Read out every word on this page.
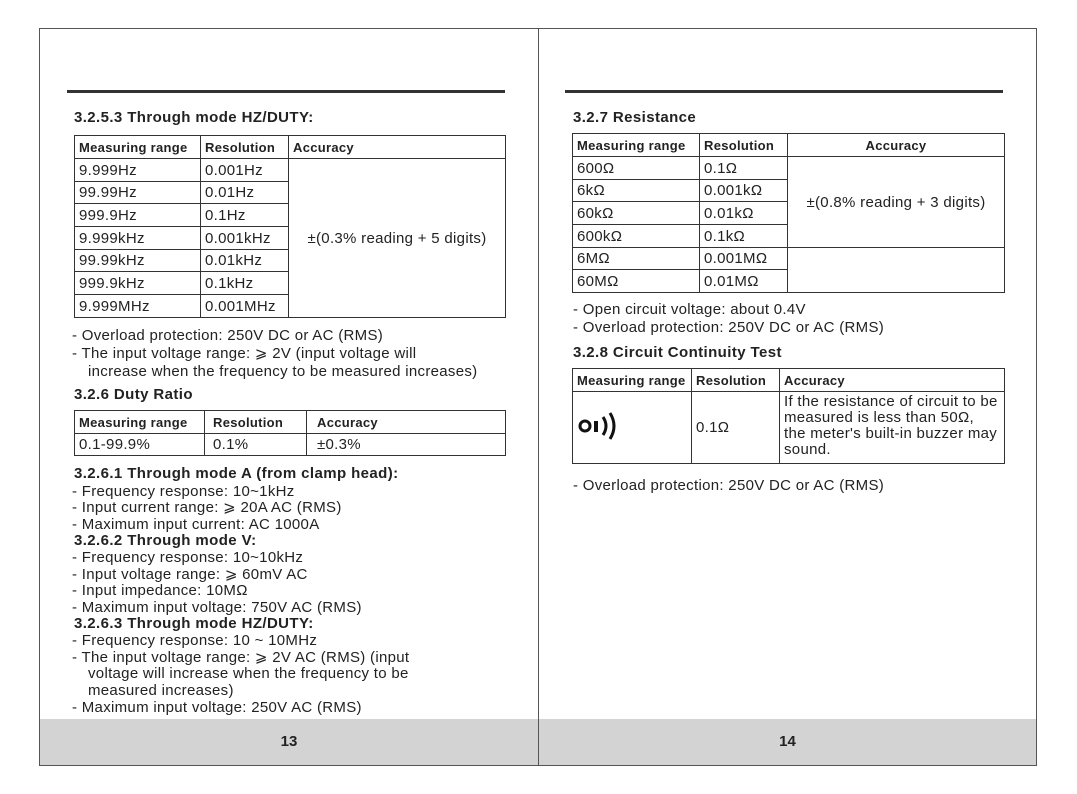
3.2.5.3 Through mode HZ/DUTY:
Measuring range	Resolution	Accuracy
9.999Hz	0.001Hz	±(0.3% reading + 5 digits)
99.99Hz	0.01Hz	
999.9Hz	0.1Hz	
9.999kHz	0.001kHz	
99.99kHz	0.01kHz	
999.9kHz	0.1kHz	
9.999MHz	0.001MHz	
- Overload protection: 250V DC or AC (RMS)
- The input voltage range: ⩾ 2V (input voltage will
increase when the frequency to be measured increases)
3.2.6 Duty Ratio
Measuring range	Resolution	Accuracy
0.1-99.9%	0.1%	±0.3%
3.2.6.1 Through mode A (from clamp head):
- Frequency response: 10~1kHz
- Input current range: ⩾ 20A AC (RMS)
- Maximum input current: AC 1000A
3.2.6.2 Through mode V:
- Frequency response: 10~10kHz
- Input voltage range: ⩾ 60mV AC
- Input impedance: 10MΩ
- Maximum input voltage: 750V AC (RMS)
3.2.6.3 Through mode HZ/DUTY:
- Frequency response: 10 ~ 10MHz
- The input voltage range: ⩾ 2V AC (RMS) (input
voltage will increase when the frequency to be
measured increases)
- Maximum input voltage: 250V AC (RMS)
13
3.2.7 Resistance
Measuring range	Resolution	Accuracy
600Ω	0.1Ω	±(0.8% reading + 3 digits)
6kΩ	0.001kΩ	
60kΩ	0.01kΩ	
600kΩ	0.1kΩ	
6MΩ	0.001MΩ	
60MΩ	0.01MΩ	
- Open circuit voltage: about 0.4V
- Overload protection: 250V DC or AC (RMS)
3.2.8 Circuit Continuity Test
Measuring range	Resolution	Accuracy
	0.1Ω	If the resistance of circuit to be measured is less than 50Ω, the meter's built-in buzzer may sound.
- Overload protection: 250V DC or AC (RMS)
14
